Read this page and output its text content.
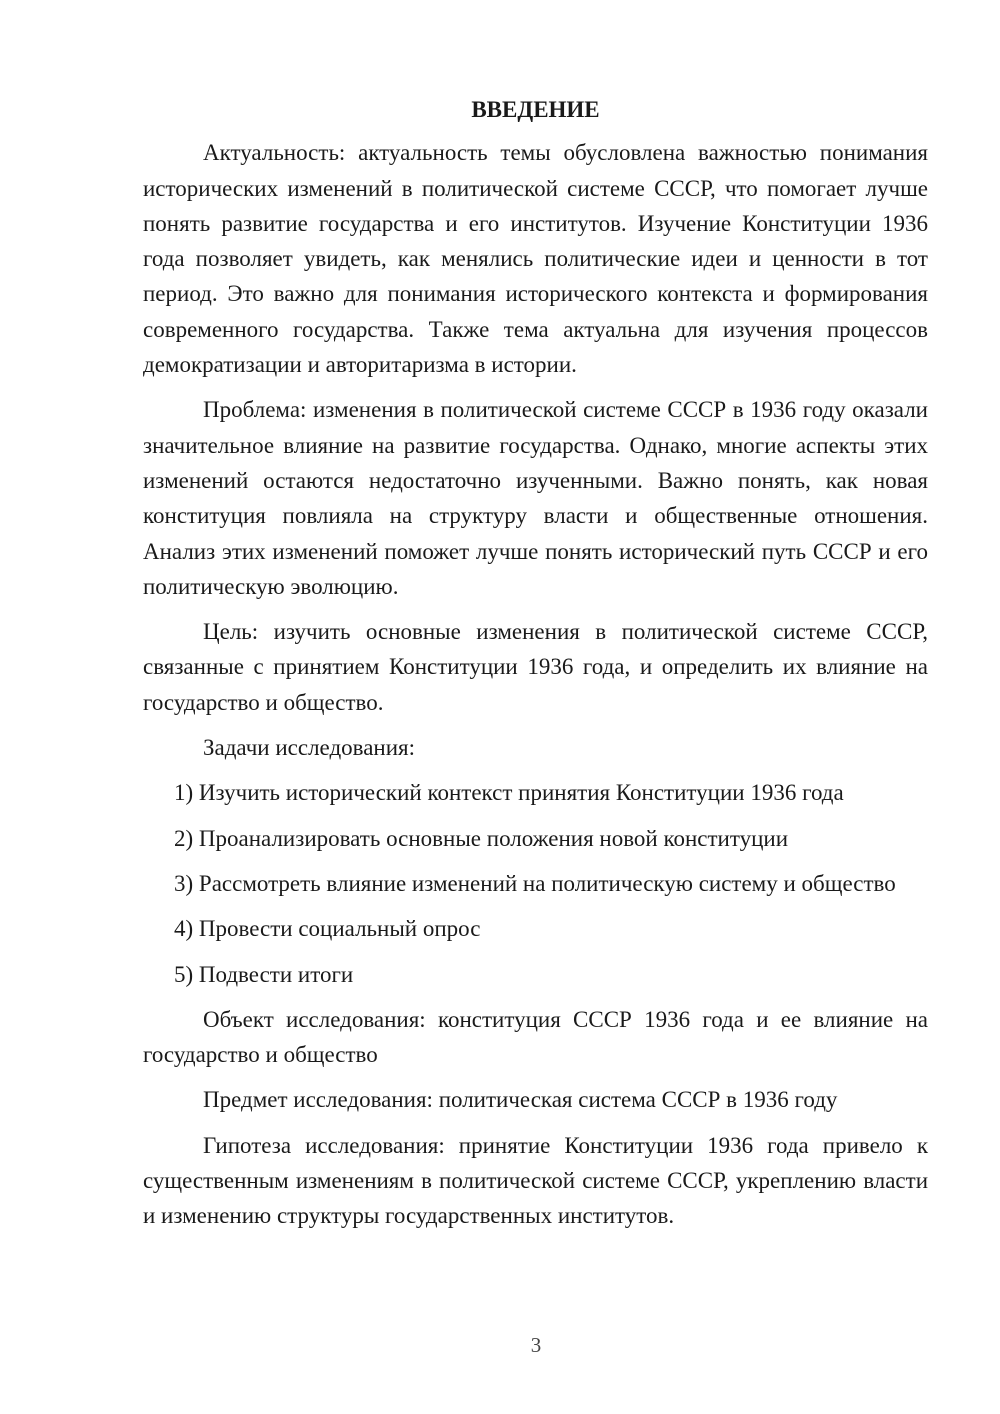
ВВЕДЕНИЕ

Актуальность: актуальность темы обусловлена важностью понимания исторических изменений в политической системе СССР, что помогает лучше понять развитие государства и его институтов. Изучение Конституции 1936 года позволяет увидеть, как менялись политические идеи и ценности в тот период. Это важно для понимания исторического контекста и формирования современного государства. Также тема актуальна для изучения процессов демократизации и авторитаризма в истории.

Проблема: изменения в политической системе СССР в 1936 году оказали значительное влияние на развитие государства. Однако, многие аспекты этих изменений остаются недостаточно изученными. Важно понять, как новая конституция повлияла на структуру власти и общественные отношения. Анализ этих изменений поможет лучше понять исторический путь СССР и его политическую эволюцию.

Цель: изучить основные изменения в политической системе СССР, связанные с принятием Конституции 1936 года, и определить их влияние на государство и общество.

Задачи исследования:

1) Изучить исторический контекст принятия Конституции 1936 года

2) Проанализировать основные положения новой конституции

3) Рассмотреть влияние изменений на политическую систему и общество

4) Провести социальный опрос

5) Подвести итоги

Объект исследования: конституция СССР 1936 года и ее влияние на государство и общество

Предмет исследования: политическая система СССР в 1936 году

Гипотеза исследования: принятие Конституции 1936 года привело к существенным изменениям в политической системе СССР, укреплению власти и изменению структуры государственных институтов.

3
